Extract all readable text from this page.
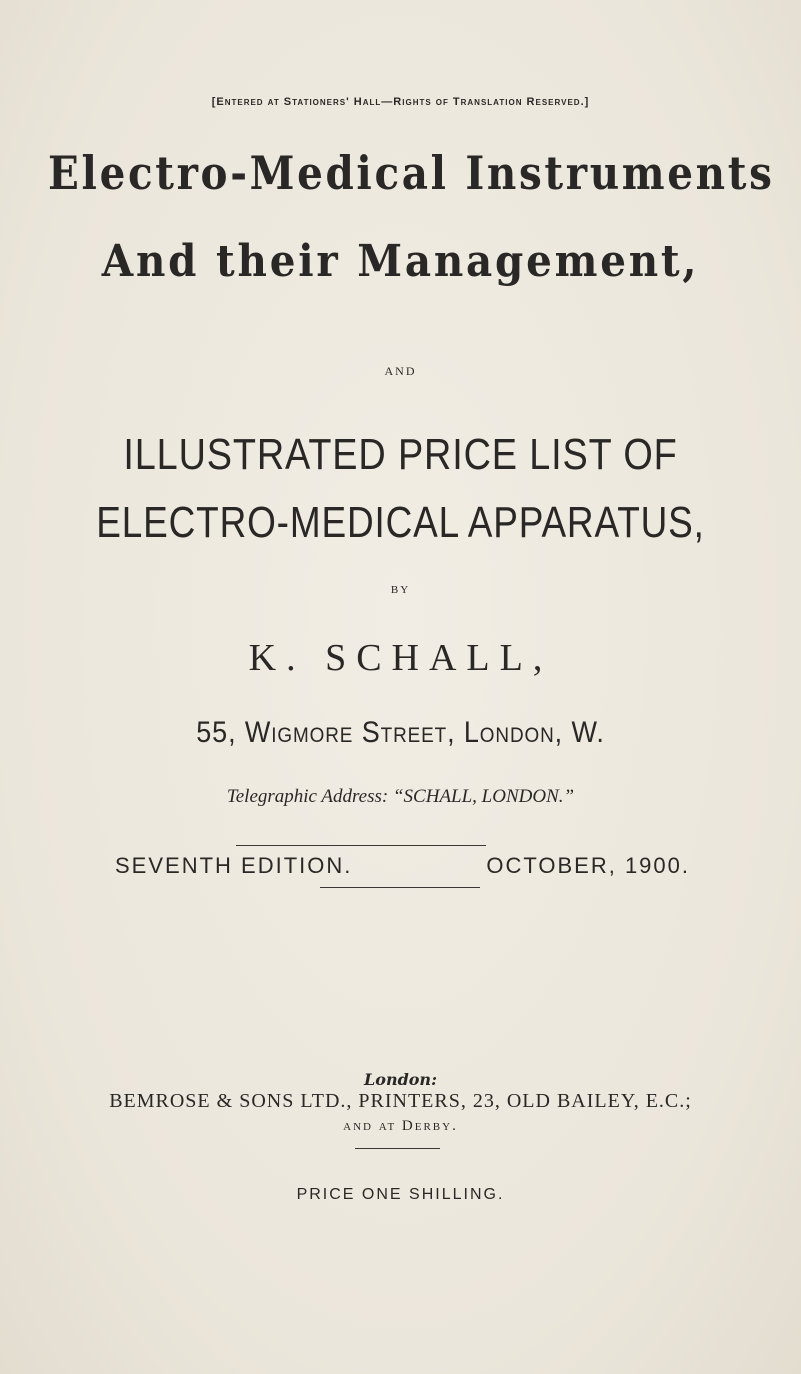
[Entered at Stationers' Hall—Rights of Translation Reserved.]
Electro-Medical Instruments
And their Management,
AND
ILLUSTRATED PRICE LIST OF
ELECTRO-MEDICAL APPARATUS,
BY
K. SCHALL,
55, Wigmore Street, London, W.
Telegraphic Address: “SCHALL, LONDON.”
SEVENTH EDITION.	OCTOBER, 1900.
London:
BEMROSE & SONS LTD., PRINTERS, 23, OLD BAILEY, E.C.;
and at Derby.
PRICE ONE SHILLING.
